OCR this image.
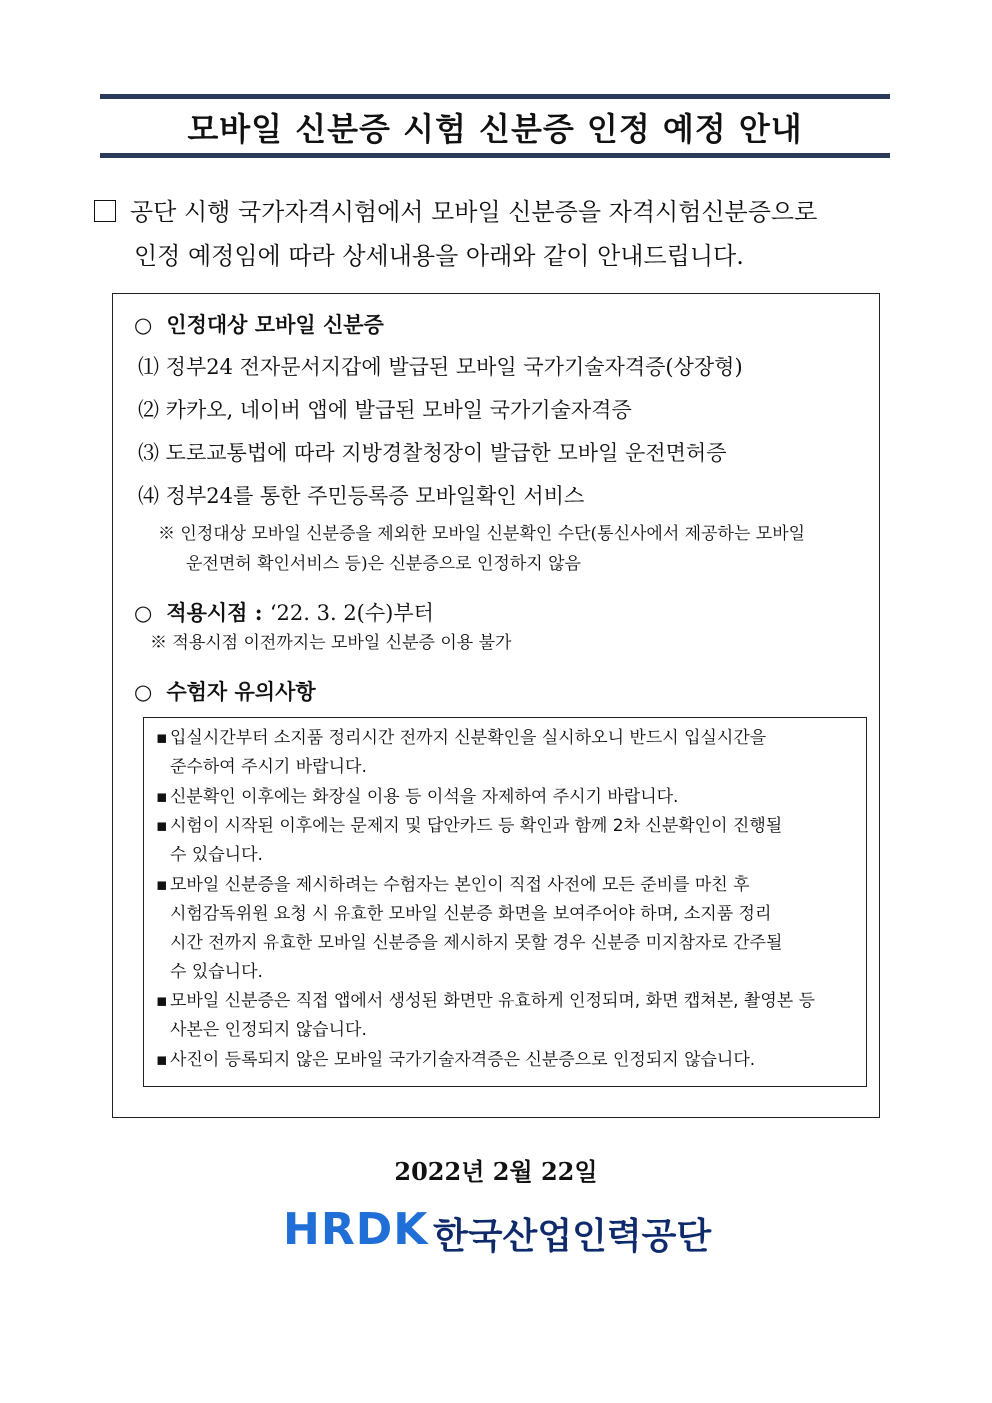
모바일 신분증 시험 신분증 인정 예정 안내
공단 시행 국가자격시험에서 모바일 신분증을 자격시험신분증으로
인정 예정임에 따라 상세내용을 아래와 같이 안내드립니다.
○ 인정대상 모바일 신분증
⑴ 정부24 전자문서지갑에 발급된 모바일 국가기술자격증(상장형)
⑵ 카카오, 네이버 앱에 발급된 모바일 국가기술자격증
⑶ 도로교통법에 따라 지방경찰청장이 발급한 모바일 운전면허증
⑷ 정부24를 통한 주민등록증 모바일확인 서비스
※ 인정대상 모바일 신분증을 제외한 모바일 신분확인 수단(통신사에서 제공하는 모바일
운전면허 확인서비스 등)은 신분증으로 인정하지 않음
○ 적용시점 : ‘22. 3. 2(수)부터
※ 적용시점 이전까지는 모바일 신분증 이용 불가
○ 수험자 유의사항
▪ 입실시간부터 소지품 정리시간 전까지 신분확인을 실시하오니 반드시 입실시간을
준수하여 주시기 바랍니다.
▪ 신분확인 이후에는 화장실 이용 등 이석을 자제하여 주시기 바랍니다.
▪ 시험이 시작된 이후에는 문제지 및 답안카드 등 확인과 함께 2차 신분확인이 진행될
수 있습니다.
▪ 모바일 신분증을 제시하려는 수험자는 본인이 직접 사전에 모든 준비를 마친 후
시험감독위원 요청 시 유효한 모바일 신분증 화면을 보여주어야 하며, 소지품 정리
시간 전까지 유효한 모바일 신분증을 제시하지 못할 경우 신분증 미지참자로 간주될
수 있습니다.
▪ 모바일 신분증은 직접 앱에서 생성된 화면만 유효하게 인정되며, 화면 캡쳐본, 촬영본 등
사본은 인정되지 않습니다.
▪ 사진이 등록되지 않은 모바일 국가기술자격증은 신분증으로 인정되지 않습니다.
2022년 2월 22일
HRDK 한국산업인력공단
